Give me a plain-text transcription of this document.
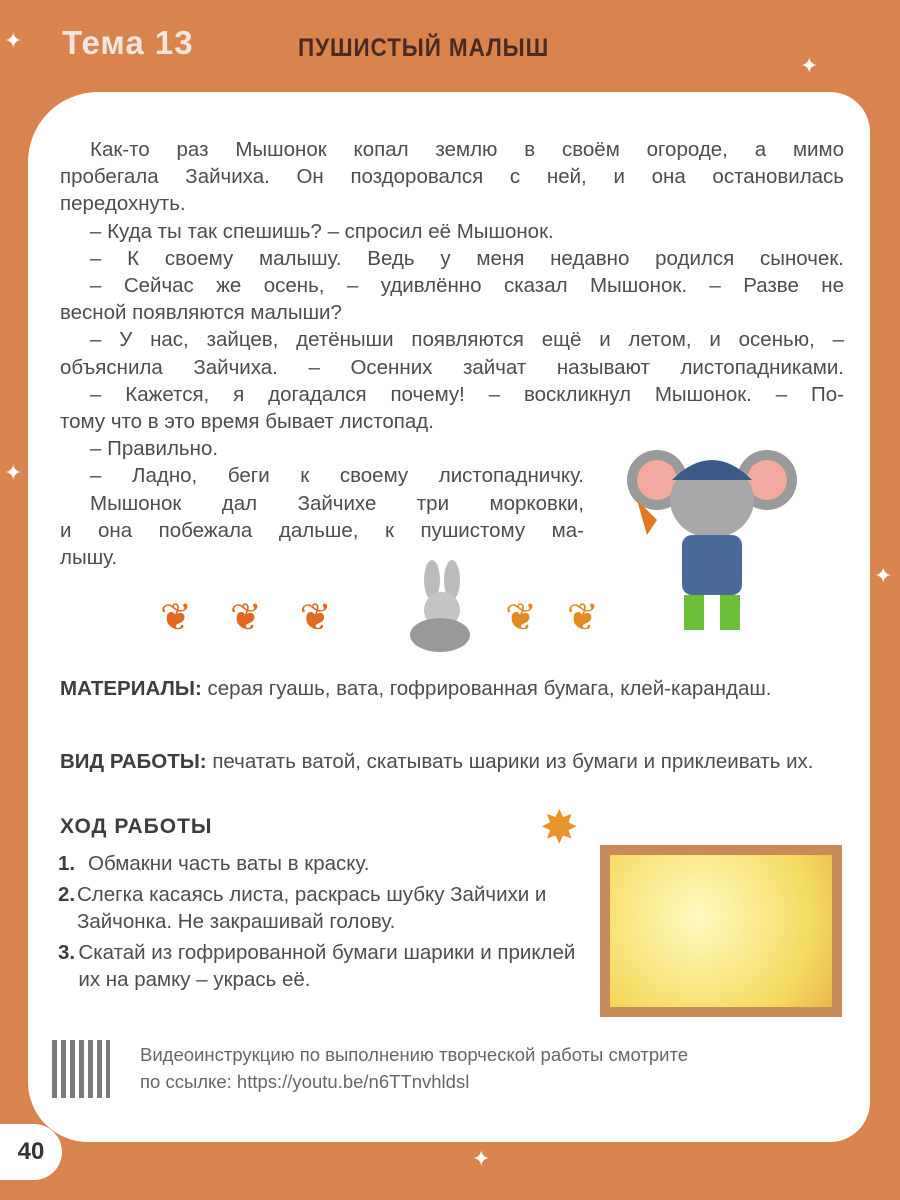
Тема 13	ПУШИСТЫЙ МАЛЫШ
✦
✦
✦
✦
✦
Как-то раз Мышонок копал землю в своём огороде, а мимо
пробегала Зайчиха. Он поздоровался с ней, и она остановилась
передохнуть.
– Куда ты так спешишь? – спросил её Мышонок.
– К своему малышу. Ведь у меня недавно родился сыночек.
– Сейчас же осень, – удивлённо сказал Мышонок. – Разве не
весной появляются малыши?
– У нас, зайцев, детёныши появляются ещё и летом, и осенью, –
объяснила Зайчиха. – Осенних зайчат называют листопадниками.
– Кажется, я догадался почему! – воскликнул Мышонок. – По-
тому что в это время бывает листопад.
– Правильно.
– Ладно, беги к своему листопадничку.
Мышонок дал Зайчихе три морковки,
и она побежала дальше, к пушистому ма-
лышу.
❦❦❦	❦❦
МАТЕРИАЛЫ: серая гуашь, вата, гофрированная бумага, клей-карандаш.
ВИД РАБОТЫ: печатать ватой, скатывать шарики из бумаги и приклеивать их.
ХОД РАБОТЫ	✸
1. Обмакни часть ваты в краску.
2. Слегка касаясь листа, раскрась шубку Зайчихи и Зайчонка. Не закрашивай голову.
3. Скатай из гофрированной бумаги шарики и приклей их на рамку – укрась её.
Видеоинструкцию по выполнению творческой работы смотрите
по ссылке: https://youtu.be/n6TTnvhldsl
40
